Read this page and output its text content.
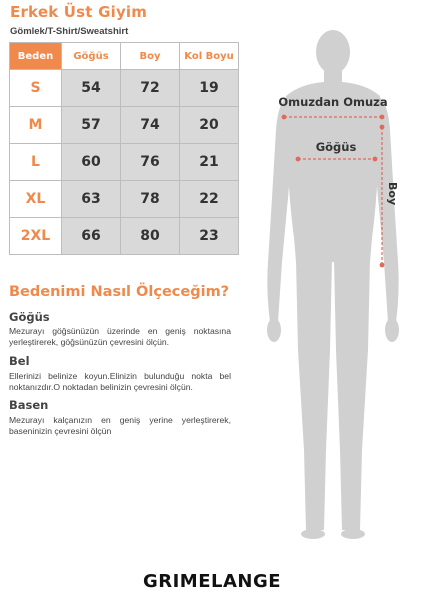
Erkek Üst Giyim

Gömlek/T-Shirt/Sweatshirt

Beden	Göğüs	Boy	Kol Boyu
S	54	72	19
M	57	74	20
L	60	76	21
XL	63	78	22
2XL	66	80	23
Bedenimi Nasıl Ölçeceğim?
Göğüs

Mezurayı göğsünüzün üzerinde en geniş noktasına yerleştirerek, göğsünüzün çevresini ölçün.

Bel

Ellerinizi belinize koyun.Elinizin bulunduğu nokta bel noktanızdır.O noktadan belinizin çevresini ölçün.

Basen

Mezurayı kalçanızın en geniş yerine yerleştirerek, baseninizin çevresini ölçün

Omuzdan Omuza
Göğüs
Boy

GRIMELANGE
